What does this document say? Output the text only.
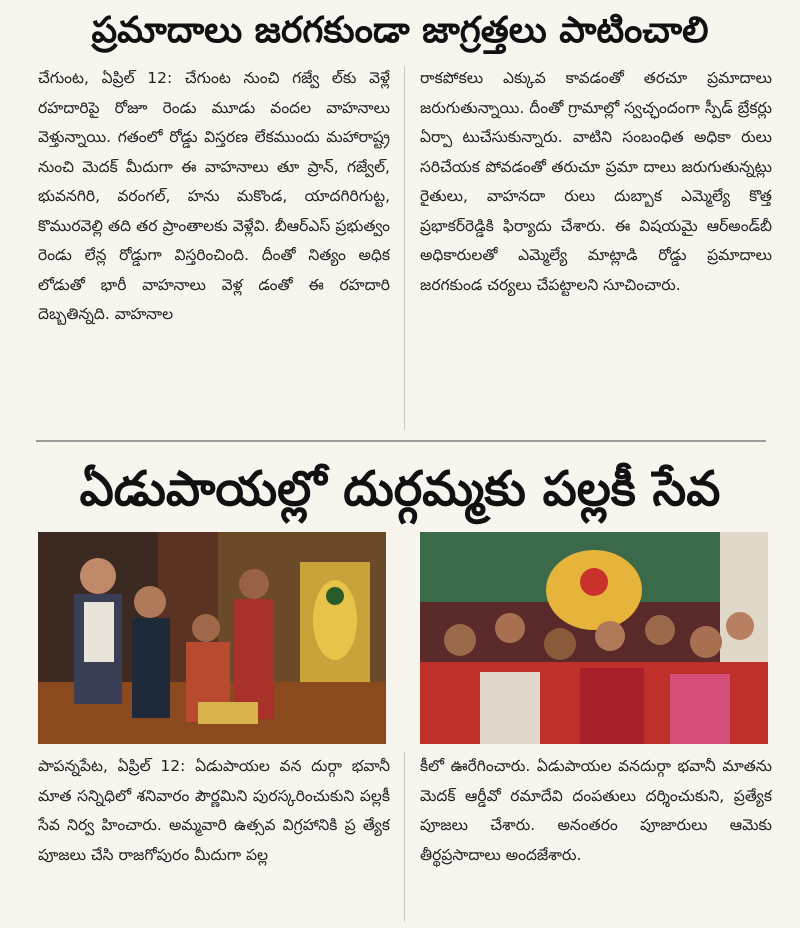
ప్రమాదాలు జరగకుండా జాగ్రత్తలు పాటించాలి
చేగుంట, ఏప్రిల్ 12: చేగుంట నుంచి గజ్వే ల్‌కు వెళ్లే రహదారిపై రోజూ రెండు మూడు వందల వాహనాలు వెళ్తున్నాయి. గతంలో రోడ్డు విస్తరణ లేకముందు మహారాష్ట్ర నుంచి మెదక్ మీదుగా ఈ వాహనాలు తూ ప్రాన్, గజ్వేల్, భువనగిరి, వరంగల్, హను మకొండ, యాదగిరిగుట్ట, కొమురవెల్లి తది తర ప్రాంతాలకు వెళ్లేవి. బీఆర్ఎస్ ప్రభుత్వం రెండు లేన్ల రోడ్డుగా విస్తరించింది. దీంతో నిత్యం అధిక లోడుతో భారీ వాహనాలు వెళ్ల డంతో ఈ రహదారి దెబ్బతిన్నది. వాహనాల
రాకపోకలు ఎక్కువ కావడంతో తరచూ ప్రమాదాలు జరుగుతున్నాయి. దీంతో గ్రామాల్లో స్వచ్ఛందంగా స్పీడ్ బ్రేకర్లు ఏర్పా టుచేసుకున్నారు. వాటిని సంబంధిత అధికా రులు సరిచేయక పోవడంతో తరుచూ ప్రమా దాలు జరుగుతున్నట్లు రైతులు, వాహనదా రులు దుబ్బాక ఎమ్మెల్యే కొత్త ప్రభాకర్‌రెడ్డికి ఫిర్యాదు చేశారు. ఈ విషయమై ఆర్అండ్‌బీ అధికారులతో ఎమ్మెల్యే మాట్లాడి రోడ్డు ప్రమాదాలు జరగకుండ చర్యలు చేపట్టాలని సూచించారు.
ఏడుపాయల్లో దుర్గమ్మకు పల్లకీ సేవ
పాపన్నపేట, ఏప్రిల్ 12: ఏడుపాయల వన దుర్గా భవానీ మాత సన్నిధిలో శనివారం పౌర్ణమిని పురస్కరించుకుని పల్లకీ సేవ నిర్వ హించారు. అమ్మవారి ఉత్సవ విగ్రహానికి ప్ర త్యేక పూజలు చేసి రాజగోపురం మీదుగా పల్ల
కీలో ఊరేగించారు. ఏడుపాయల వనదుర్గా భవానీ మాతను మెదక్ ఆర్డీవో రమాదేవి దంపతులు దర్శించుకుని, ప్రత్యేక పూజలు చేశారు. అనంతరం పూజారులు ఆమెకు తీర్థప్రసాదాలు అందజేశారు.
